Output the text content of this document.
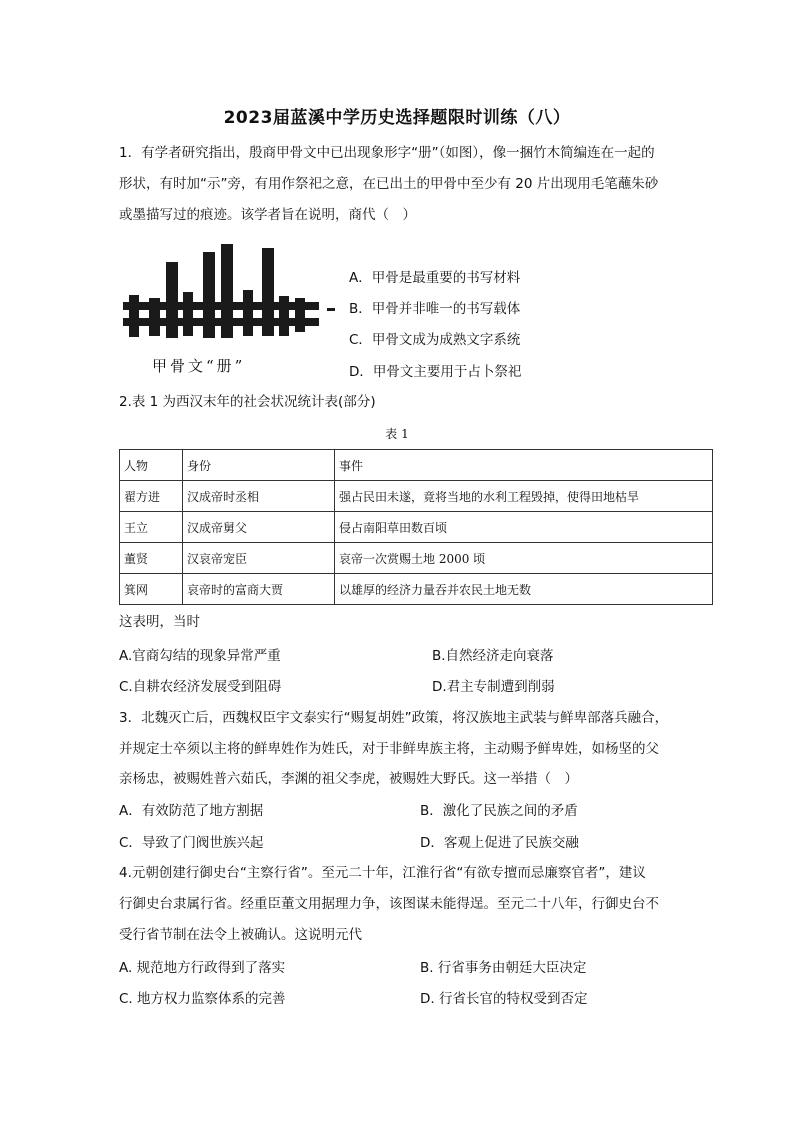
2023届蓝溪中学历史选择题限时训练（八）
1．有学者研究指出，殷商甲骨文中已出现象形字“册”（如图），像一捆竹木简编连在一起的
形状，有时加“示”旁，有用作祭祀之意，在已出土的甲骨中至少有 20 片出现用毛笔蘸朱砂
或墨描写过的痕迹。该学者旨在说明，商代（　）
甲骨文“册”
A．甲骨是最重要的书写材料
B．甲骨并非唯一的书写载体
C．甲骨文成为成熟文字系统
D．甲骨文主要用于占卜祭祀
2.表 1 为西汉末年的社会状况统计表(部分)
表 1
人物	身份	事件
翟方进	汉成帝时丞相	强占民田未遂，竟将当地的水利工程毁掉，使得田地枯旱
王立	汉成帝舅父	侵占南阳草田数百顷
董贤	汉哀帝宠臣	哀帝一次赏赐土地 2000 顷
箕网	哀帝时的富商大贾	以雄厚的经济力量吞并农民土地无数
这表明，当时
A.官商勾结的现象异常严重	B.自然经济走向衰落
C.自耕农经济发展受到阻碍	D.君主专制遭到削弱
3．北魏灭亡后，西魏权臣宇文泰实行“赐复胡姓”政策，将汉族地主武装与鲜卑部落兵融合，
并规定士卒须以主将的鲜卑姓作为姓氏，对于非鲜卑族主将，主动赐予鲜卑姓，如杨坚的父
亲杨忠，被赐姓普六茹氏，李渊的祖父李虎，被赐姓大野氏。这一举措（　）
A．有效防范了地方割据	B．激化了民族之间的矛盾
C．导致了门阀世族兴起	D．客观上促进了民族交融
4.元朝创建行御史台“主察行省”。至元二十年，江淮行省“有欲专擅而忌廉察官者”，建议
行御史台隶属行省。经重臣董文用据理力争，该图谋未能得逞。至元二十八年，行御史台不
受行省节制在法令上被确认。这说明元代
A. 规范地方行政得到了落实	B. 行省事务由朝廷大臣决定
C. 地方权力监察体系的完善	D. 行省长官的特权受到否定
